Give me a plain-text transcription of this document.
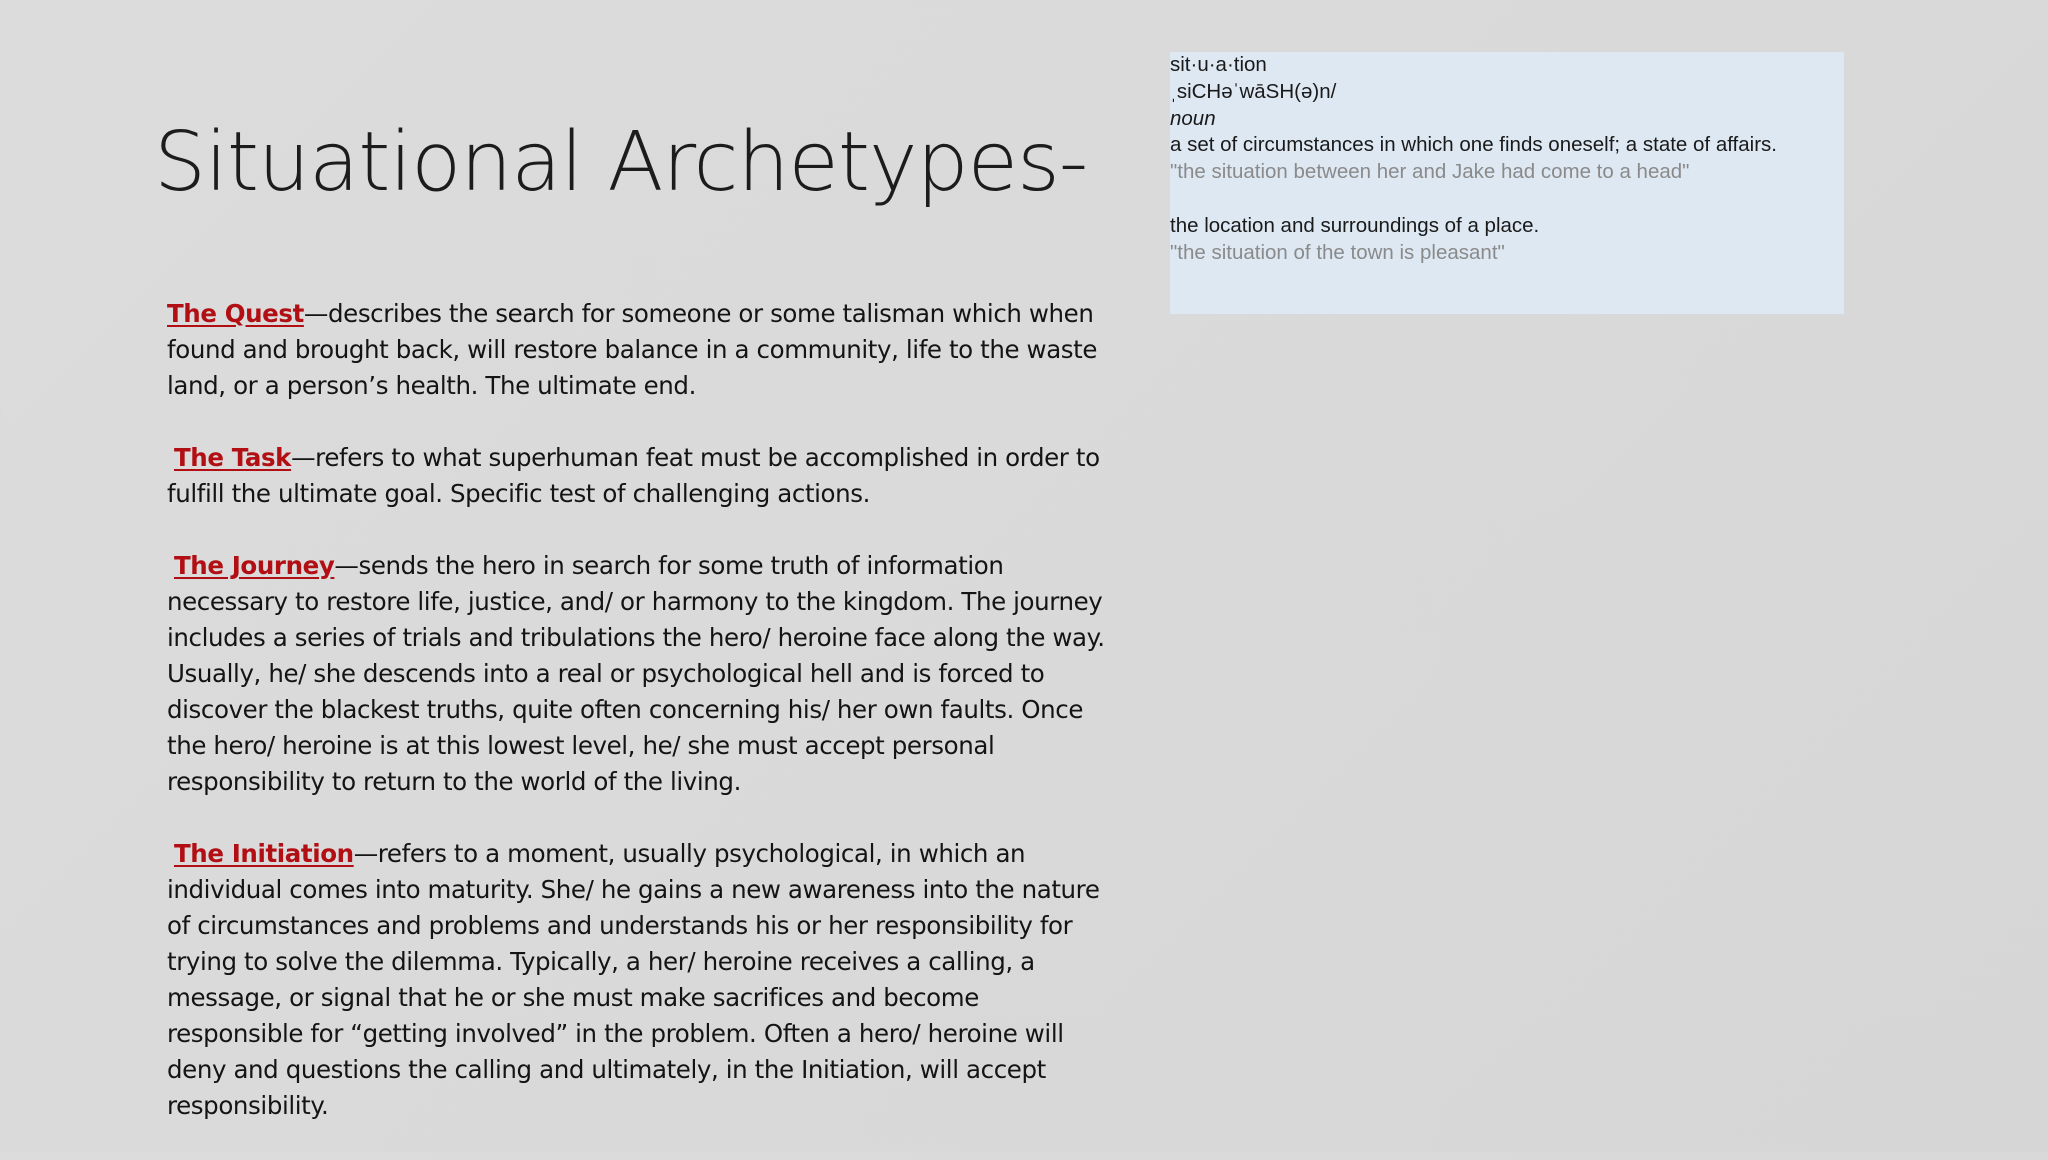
Situational Archetypes-
sit·u·a·tion
ˌsiCHəˈwāSH(ə)n/
noun
a set of circumstances in which one finds oneself; a state of affairs.
"the situation between her and Jake had come to a head"
the location and surroundings of a place.
"the situation of the town is pleasant"

The Quest—describes the search for someone or some talisman which when found and brought back, will restore balance in a community, life to the waste land, or a person’s health. The ultimate end.

The Task—refers to what superhuman feat must be accomplished in order to fulfill the ultimate goal. Specific test of challenging actions.

The Journey—sends the hero in search for some truth of information necessary to restore life, justice, and/ or harmony to the kingdom. The journey includes a series of trials and tribulations the hero/ heroine face along the way. Usually, he/ she descends into a real or psychological hell and is forced to discover the blackest truths, quite often concerning his/ her own faults. Once the hero/ heroine is at this lowest level, he/ she must accept personal responsibility to return to the world of the living.

The Initiation—refers to a moment, usually psychological, in which an individual comes into maturity. She/ he gains a new awareness into the nature of circumstances and problems and understands his or her responsibility for trying to solve the dilemma. Typically, a her/ heroine receives a calling, a message, or signal that he or she must make sacrifices and become responsible for “getting involved” in the problem. Often a hero/ heroine will deny and questions the calling and ultimately, in the Initiation, will accept responsibility.
